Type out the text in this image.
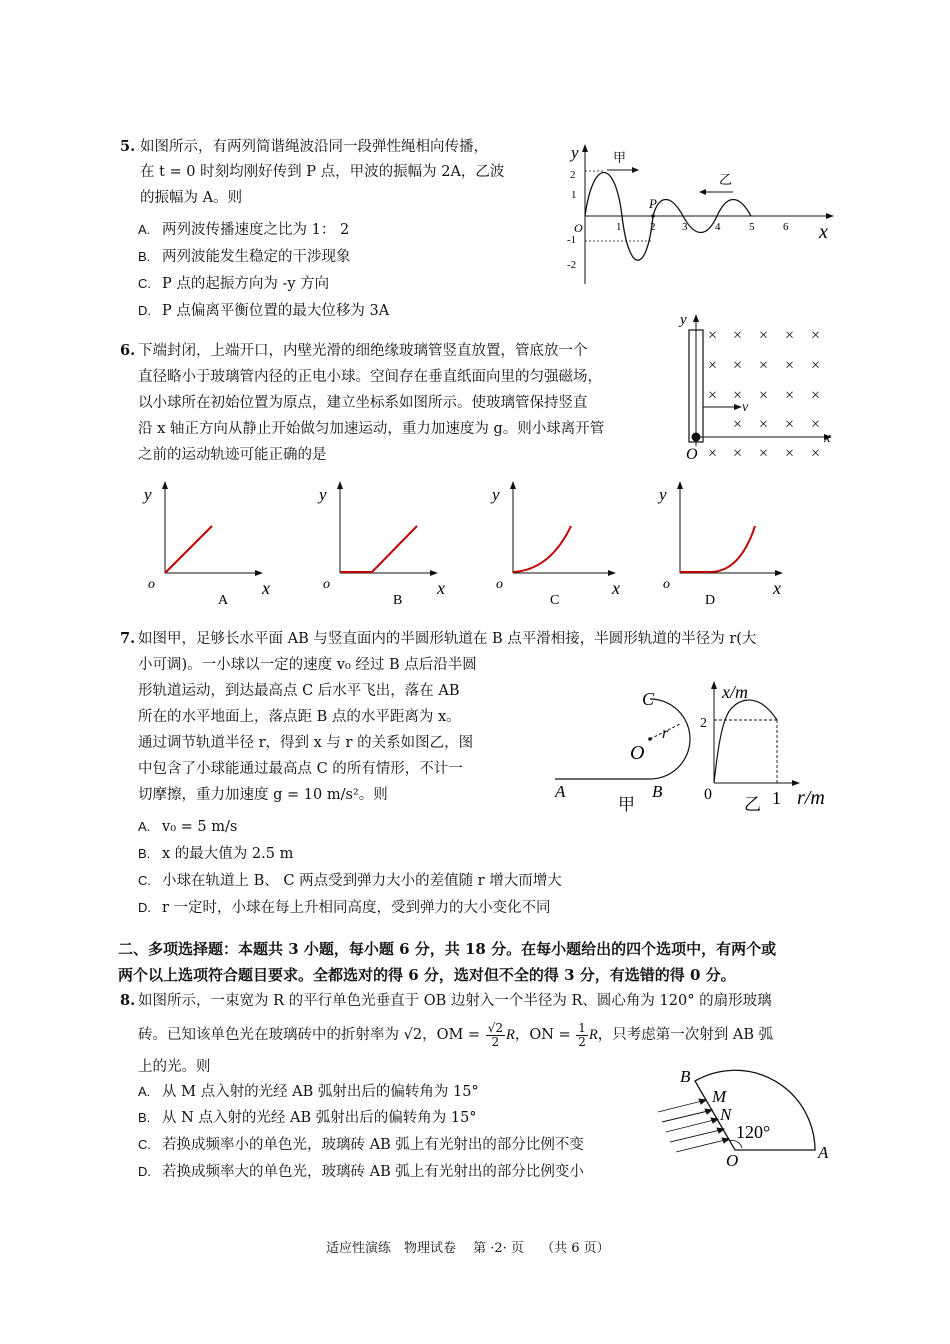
5. 如图所示，有两列简谐绳波沿同一段弹性绳相向传播，
在 t = 0 时刻均刚好传到 P 点，甲波的振幅为 2A，乙波
的振幅为 A。则
A. 两列波传播速度之比为 1： 2
B. 两列波能发生稳定的干涉现象
C. P 点的起振方向为 -y 方向
D. P 点偏离平衡位置的最大位移为 3A
y
x
2
1
-1
-2
O	1	2 3	4	5	6
P
甲
乙
6. 下端封闭，上端开口，内壁光滑的细绝缘玻璃管竖直放置，管底放一个
直径略小于玻璃管内径的正电小球。空间存在垂直纸面向里的匀强磁场，
以小球所在初始位置为原点，建立坐标系如图所示。使玻璃管保持竖直
沿 x 轴正方向从静止开始做匀加速运动，重力加速度为 g。则小球离开管
之前的运动轨迹可能正确的是
y
x
v
O
× × × × ×
× × × × ×
× × × × ×
× × × ×
× × × × ×
y
o	x
A
y
o	x
B
y
o	x
C
y
o	x
D
7. 如图甲，足够长水平面 AB 与竖直面内的半圆形轨道在 B 点平滑相接，半圆形轨道的半径为 r(大
小可调)。一小球以一定的速度 v₀ 经过 B 点后沿半圆
形轨道运动，到达最高点 C 后水平飞出，落在 AB
所在的水平地面上，落点距 B 点的水平距离为 x。
通过调节轨道半径 r，得到 x 与 r 的关系如图乙，图
中包含了小球能通过最高点 C 的所有情形，不计一
切摩擦，重力加速度 g = 10 m/s²。则
A. v₀ = 5 m/s
B. x 的最大值为 2.5 m
C. 小球在轨道上 B、 C 两点受到弹力大小的差值随 r 增大而增大
D. r 一定时，小球在每上升相同高度，受到弹力的大小变化不同
C
r
O
A	B
甲
x/m
2
0	1 r/m
乙
二、多项选择题：本题共 3 小题，每小题 6 分，共 18 分。在每小题给出的四个选项中，有两个或
两个以上选项符合题目要求。全都选对的得 6 分，选对但不全的得 3 分，有选错的得 0 分。
8. 如图所示，一束宽为 R 的平行单色光垂直于 OB 边射入一个半径为 R、圆心角为 120° 的扇形玻璃
砖。已知该单色光在玻璃砖中的折射率为 √2，OM = $\frac{√2}{2}$ R，ON = $\frac{1}{2}$ R，只考虑第一次射到 AB 弧
上的光。则
A. 从 M 点入射的光经 AB 弧射出后的偏转角为 15°
B. 从 N 点入射的光经 AB 弧射出后的偏转角为 15°
C. 若换成频率小的单色光，玻璃砖 AB 弧上有光射出的部分比例不变
D. 若换成频率大的单色光，玻璃砖 AB 弧上有光射出的部分比例变小
B
M
N
120°
O	A
适应性演练　物理试卷　 第 ·2· 页　 （共 6 页）
